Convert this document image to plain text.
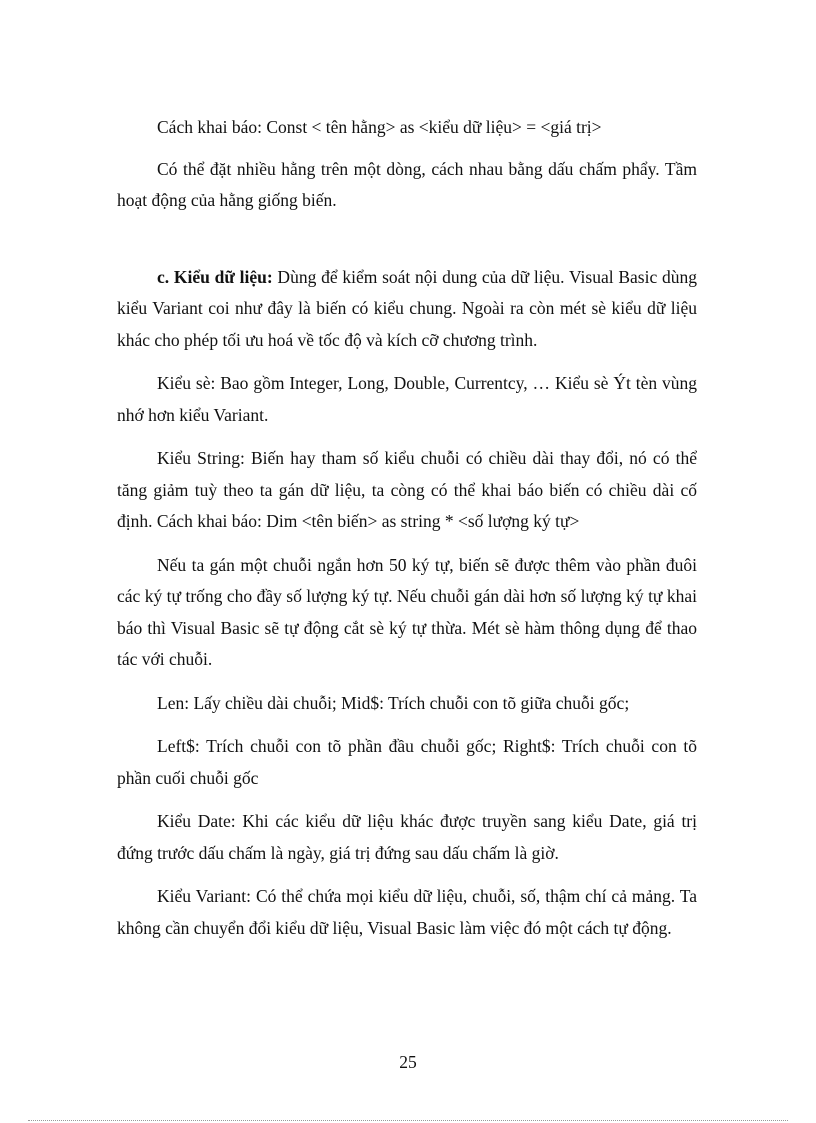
Cách khai báo: Const < tên hằng> as <kiểu dữ liệu> = <giá trị>

Có thể đặt nhiều hằng trên một dòng, cách nhau bằng dấu chấm phẩy. Tầm hoạt động của hằng giống biến.

c. Kiểu dữ liệu: Dùng để kiểm soát nội dung của dữ liệu. Visual Basic dùng kiểu Variant coi như đây là biến có kiểu chung. Ngoài ra còn mét sè kiểu dữ liệu khác cho phép tối ưu hoá về tốc độ và kích cỡ chương trình.

Kiểu sè: Bao gồm Integer, Long, Double, Currentcy, … Kiểu sè Ýt tèn vùng nhớ hơn kiểu Variant.

Kiểu String: Biến hay tham số kiểu chuỗi có chiều dài thay đổi, nó có thể tăng giảm tuỳ theo ta gán dữ liệu, ta còng có thể khai báo biến có chiều dài cố định. Cách khai báo: Dim <tên biến> as string * <số lượng ký tự>

Nếu ta gán một chuỗi ngắn hơn 50 ký tự, biến sẽ được thêm vào phần đuôi các ký tự trống cho đầy số lượng ký tự. Nếu chuỗi gán dài hơn số lượng ký tự khai báo thì Visual Basic sẽ tự động cắt sè ký tự thừa. Mét sè hàm thông dụng để thao tác với chuỗi.

Len: Lấy chiều dài chuỗi; Mid$: Trích chuỗi con tõ giữa chuỗi gốc;

Left$: Trích chuỗi con tõ phần đầu chuỗi gốc; Right$: Trích chuỗi con tõ phần cuối chuỗi gốc

Kiểu Date: Khi các kiểu dữ liệu khác được truyền sang kiểu Date, giá trị đứng trước dấu chấm là ngày, giá trị đứng sau dấu chấm là giờ.

Kiểu Variant: Có thể chứa mọi kiểu dữ liệu, chuỗi, số, thậm chí cả mảng. Ta không cần chuyển đổi kiểu dữ liệu, Visual Basic làm việc đó một cách tự động.

25
